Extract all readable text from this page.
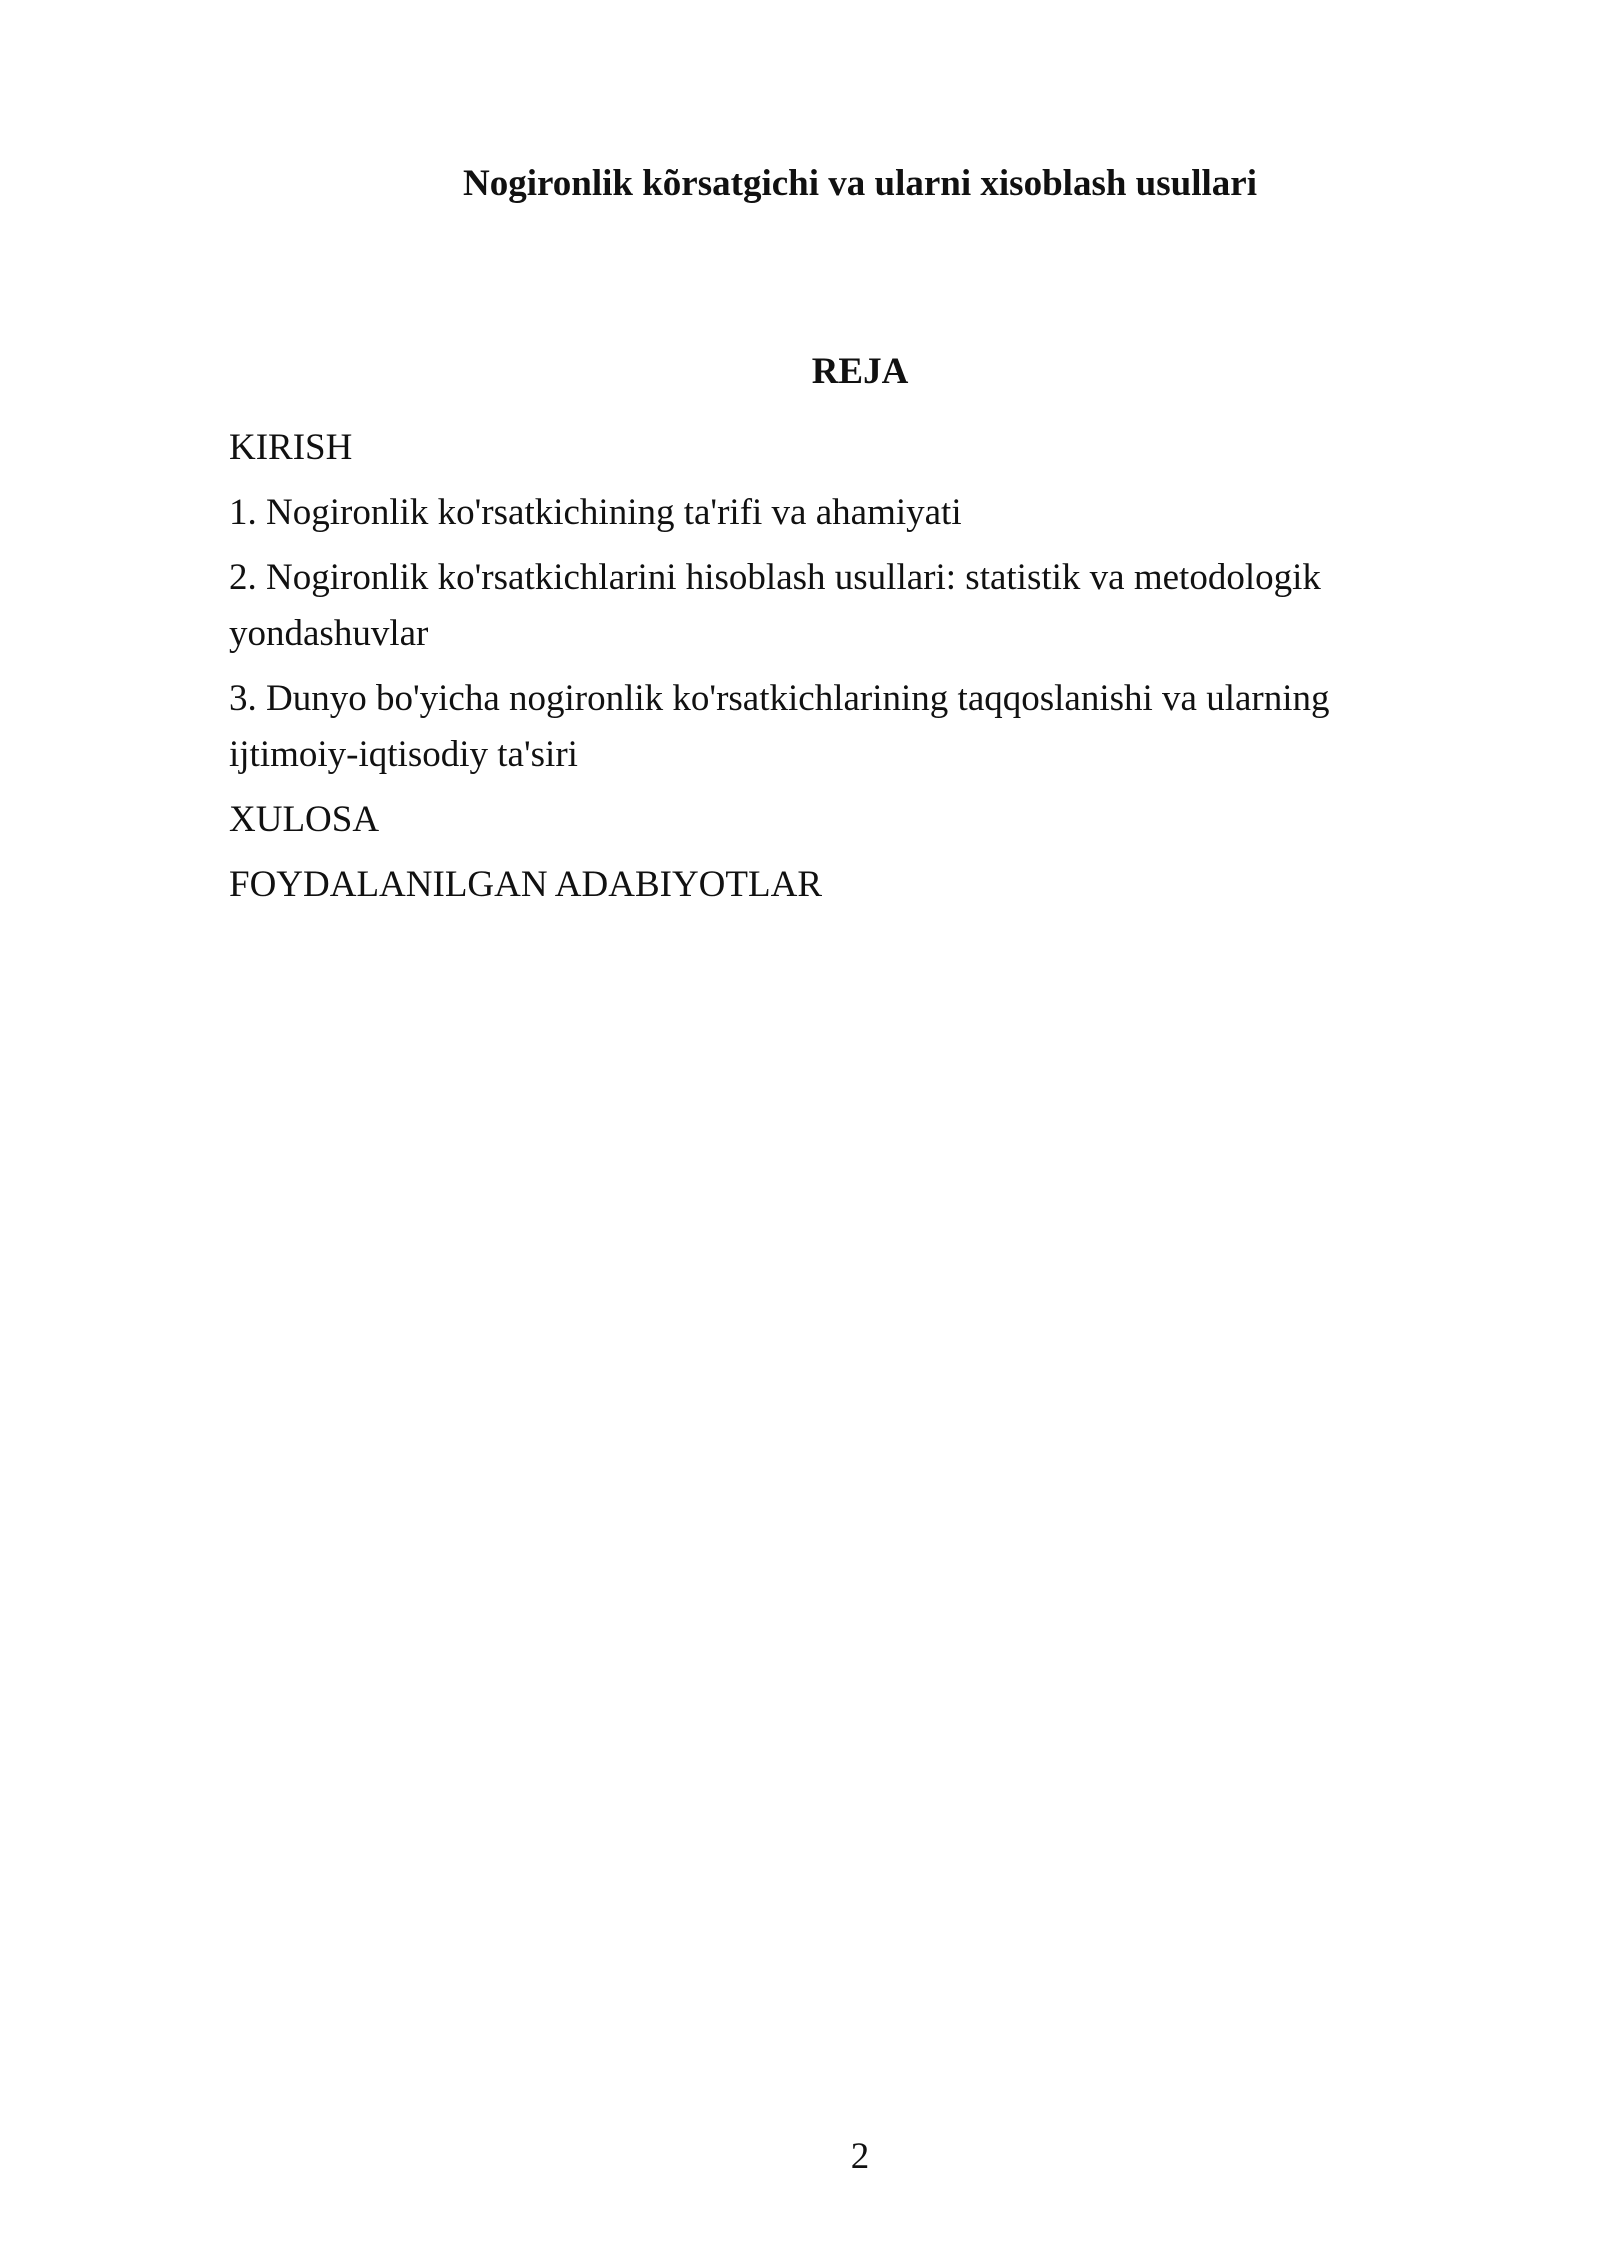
Nogironlik kõrsatgichi va ularni xisoblash usullari
REJA
KIRISH
1. Nogironlik ko'rsatkichining ta'rifi va ahamiyati
2. Nogironlik ko'rsatkichlarini hisoblash usullari: statistik va metodologik yondashuvlar
3. Dunyo bo'yicha nogironlik ko'rsatkichlarining taqqoslanishi va ularning ijtimoiy-iqtisodiy ta'siri
XULOSA
FOYDALANILGAN ADABIYOTLAR
2
